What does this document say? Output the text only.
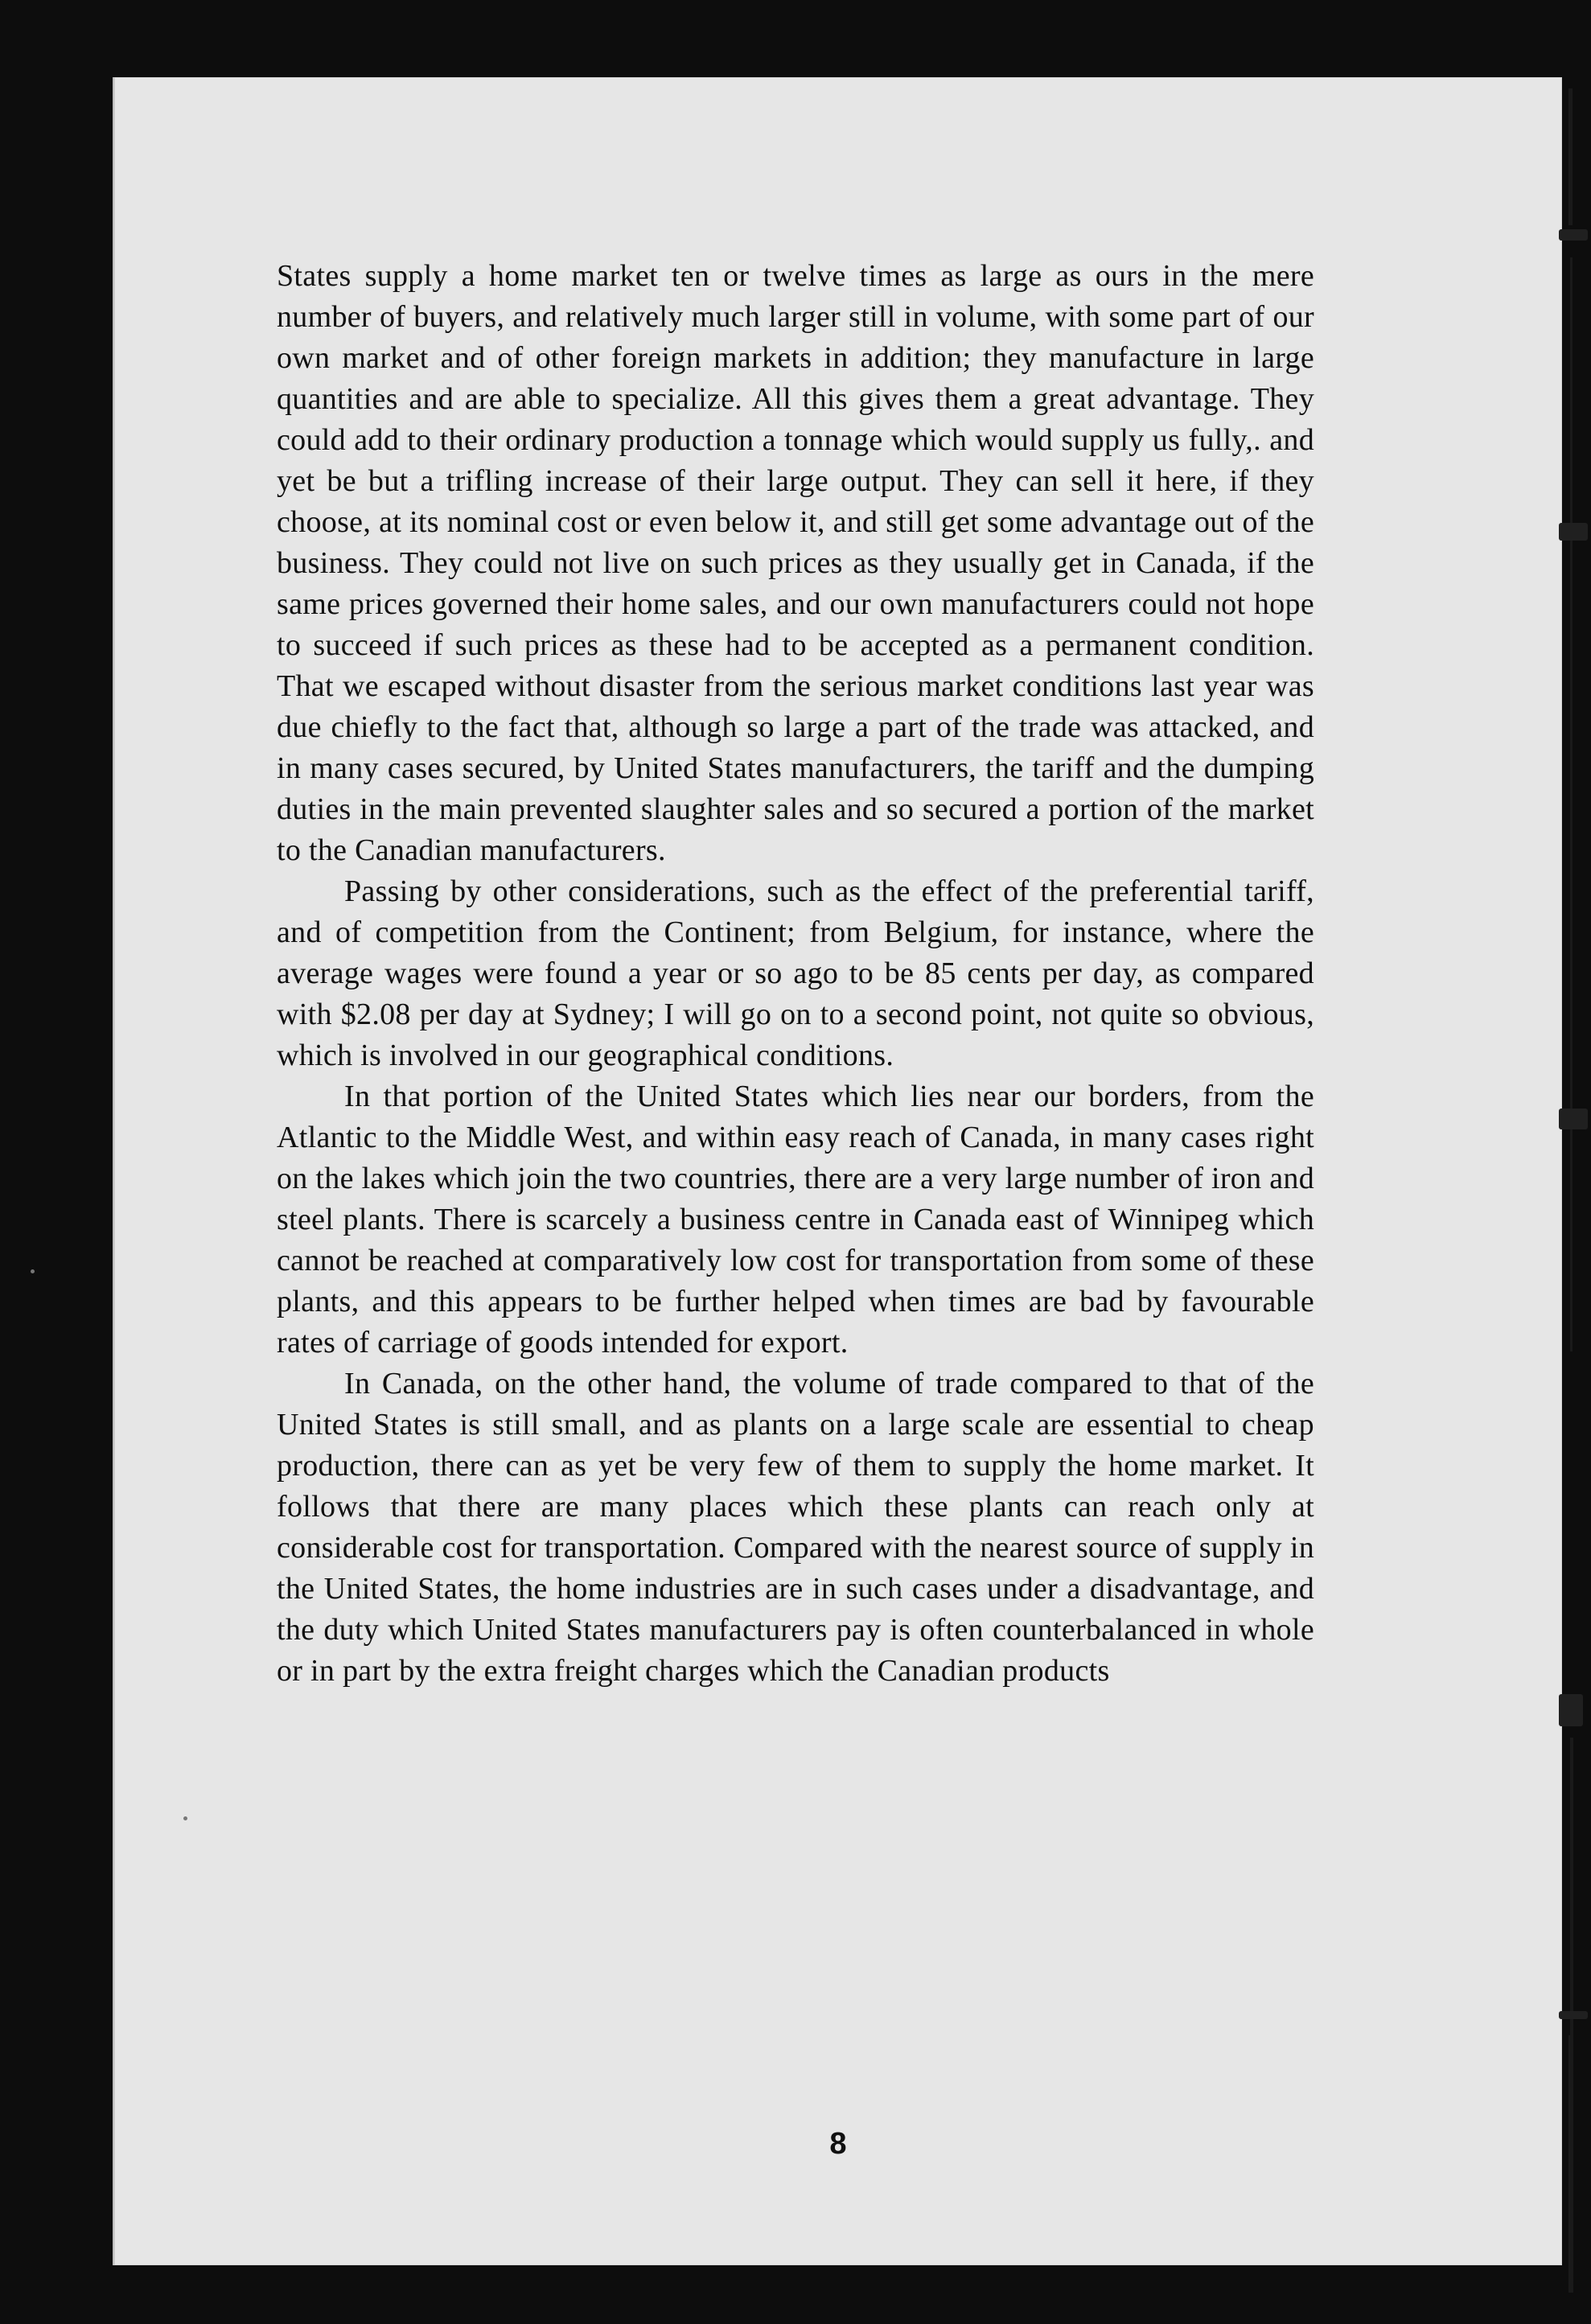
States supply a home market ten or twelve times as large as ours in the mere number of buyers, and relatively much larger still in volume, with some part of our own market and of other foreign markets in addition; they manufacture in large quantities and are able to specialize. All this gives them a great advantage. They could add to their ordinary production a tonnage which would supply us fully,. and yet be but a trifling increase of their large output. They can sell it here, if they choose, at its nominal cost or even below it, and still get some advantage out of the business. They could not live on such prices as they usually get in Canada, if the same prices governed their home sales, and our own manufacturers could not hope to succeed if such prices as these had to be accepted as a permanent condition. That we escaped without disaster from the serious market conditions last year was due chiefly to the fact that, although so large a part of the trade was attacked, and in many cases secured, by United States manufacturers, the tariff and the dumping duties in the main prevented slaughter sales and so secured a portion of the market to the Canadian manufacturers.

Passing by other considerations, such as the effect of the preferential tariff, and of competition from the Continent; from Belgium, for instance, where the average wages were found a year or so ago to be 85 cents per day, as compared with $2.08 per day at Sydney; I will go on to a second point, not quite so obvious, which is involved in our geographical conditions.

In that portion of the United States which lies near our borders, from the Atlantic to the Middle West, and within easy reach of Canada, in many cases right on the lakes which join the two countries, there are a very large number of iron and steel plants. There is scarcely a business centre in Canada east of Winnipeg which cannot be reached at comparatively low cost for transportation from some of these plants, and this appears to be further helped when times are bad by favourable rates of carriage of goods intended for export.

In Canada, on the other hand, the volume of trade compared to that of the United States is still small, and as plants on a large scale are essential to cheap production, there can as yet be very few of them to supply the home market. It follows that there are many places which these plants can reach only at considerable cost for transportation. Compared with the nearest source of supply in the United States, the home industries are in such cases under a disadvantage, and the duty which United States manufacturers pay is often counterbalanced in whole or in part by the extra freight charges which the Canadian products

8
